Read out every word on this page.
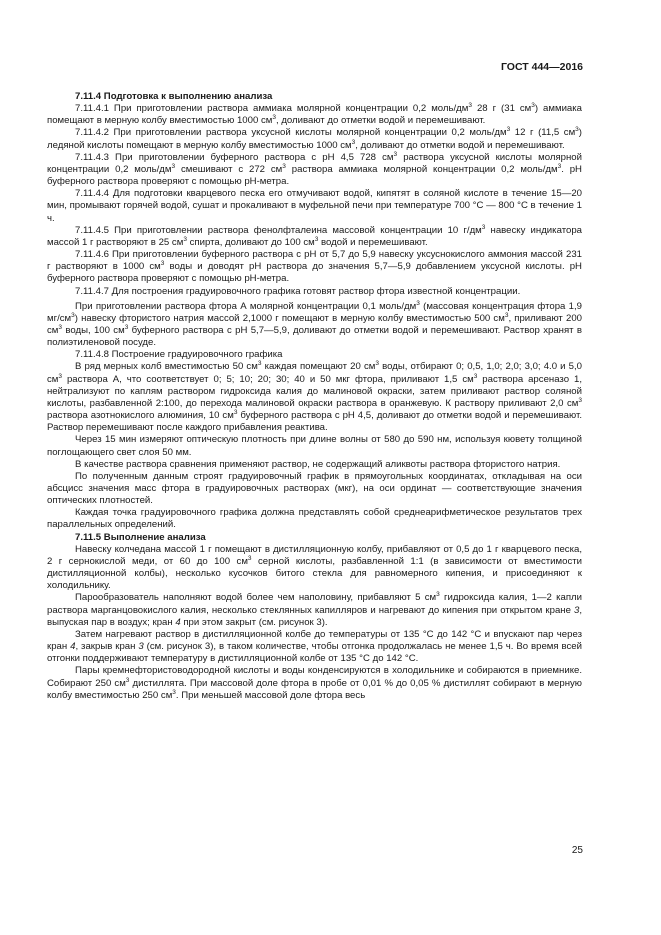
ГОСТ 444—2016

7.11.4 Подготовка к выполнению анализа

7.11.4.1 При приготовлении раствора аммиака молярной концентрации 0,2 моль/$дм^3$ 28 г (31 $см^3$) аммиака помещают в мерную колбу вместимостью 1000 $см^3$, доливают до отметки водой и перемешивают.

7.11.4.2 При приготовлении раствора уксусной кислоты молярной концентрации 0,2 моль/$дм^3$ 12 г (11,5 $см^3$) ледяной кислоты помещают в мерную колбу вместимостью 1000 $см^3$, доливают до отметки водой и перемешивают.

7.11.4.3 При приготовлении буферного раствора с pH 4,5 728 $см^3$ раствора уксусной кислоты молярной концентрации 0,2 моль/$дм^3$ смешивают с 272 $см^3$ раствора аммиака молярной концентрации 0,2 моль/$дм^3$. pH буферного раствора проверяют с помощью pH-метра.

7.11.4.4 Для подготовки кварцевого песка его отмучивают водой, кипятят в соляной кислоте в течение 15—20 мин, промывают горячей водой, сушат и прокаливают в муфельной печи при температуре 700 °C — 800 °C в течение 1 ч.

7.11.4.5 При приготовлении раствора фенолфталеина массовой концентрации 10 $г/дм^3$ навеску индикатора массой 1 г растворяют в 25 $см^3$ спирта, доливают до 100 $см^3$ водой и перемешивают.

7.11.4.6 При приготовлении буферного раствора с pH от 5,7 до 5,9 навеску уксуснокислого аммония массой 231 г растворяют в 1000 $см^3$ воды и доводят pH раствора до значения 5,7—5,9 добавлением уксусной кислоты. pH буферного раствора проверяют с помощью pH-метра.

7.11.4.7 Для построения градуировочного графика готовят раствор фтора известной концентрации.

При приготовлении раствора фтора А молярной концентрации 0,1 моль/$дм^3$ (массовая концентрация фтора 1,9 $мг/см^3$) навеску фтористого натрия массой 2,1000 г помещают в мерную колбу вместимостью 500 $см^3$, приливают 200 $см^3$ воды, 100 $см^3$ буферного раствора с pH 5,7—5,9, доливают до отметки водой и перемешивают. Раствор хранят в полиэтиленовой посуде.

7.11.4.8 Построение градуировочного графика

В ряд мерных колб вместимостью 50 $см^3$ каждая помещают 20 $см^3$ воды, отбирают 0; 0,5, 1,0; 2,0; 3,0; 4.0 и 5,0 $см^3$ раствора А, что соответствует 0; 5; 10; 20; 30; 40 и 50 мкг фтора, приливают 1,5 $см^3$ раствора арсеназо 1, нейтрализуют по каплям раствором гидроксида калия до малиновой окраски, затем приливают раствор соляной кислоты, разбавленной 2:100, до перехода малиновой окраски раствора в оранжевую. К раствору приливают 2,0 $см^3$ раствора азотнокислого алюминия, 10 $см^3$ буферного раствора с pH 4,5, доливают до отметки водой и перемешивают. Раствор перемешивают после каждого прибавления реактива.

Через 15 мин измеряют оптическую плотность при длине волны от 580 до 590 нм, используя кювету толщиной поглощающего свет слоя 50 мм.

В качестве раствора сравнения применяют раствор, не содержащий аликвоты раствора фтористого натрия.

По полученным данным строят градуировочный график в прямоугольных координатах, откладывая на оси абсцисс значения масс фтора в градуировочных растворах (мкг), на оси ординат — соответствующие значения оптических плотностей.

Каждая точка градуировочного графика должна представлять собой среднеарифметическое результатов трех параллельных определений.

7.11.5 Выполнение анализа

Навеску колчедана массой 1 г помещают в дистилляционную колбу, прибавляют от 0,5 до 1 г кварцевого песка, 2 г сернокислой меди, от 60 до 100 $см^3$ серной кислоты, разбавленной 1:1 (в зависимости от вместимости дистилляционной колбы), несколько кусочков битого стекла для равномерного кипения, и присоединяют к холодильнику.

Парообразователь наполняют водой более чем наполовину, прибавляют 5 $см^3$ гидроксида калия, 1—2 капли раствора марганцовокислого калия, несколько стеклянных капилляров и нагревают до кипения при открытом кране 3, выпуская пар в воздух; кран 4 при этом закрыт (см. рисунок 3).

Затем нагревают раствор в дистилляционной колбе до температуры от 135 °C до 142 °C и впускают пар через кран 4, закрыв кран 3 (см. рисунок 3), в таком количестве, чтобы отгонка продолжалась не менее 1,5 ч. Во время всей отгонки поддерживают температуру в дистилляционной колбе от 135 °C до 142 °C.

Пары кремнефтористоводородной кислоты и воды конденсируются в холодильнике и собираются в приемнике. Собирают 250 $см^3$ дистиллята. При массовой доле фтора в пробе от 0,01 % до 0,05 % дистиллят собирают в мерную колбу вместимостью 250 $см^3$. При меньшей массовой доле фтора весь

25
